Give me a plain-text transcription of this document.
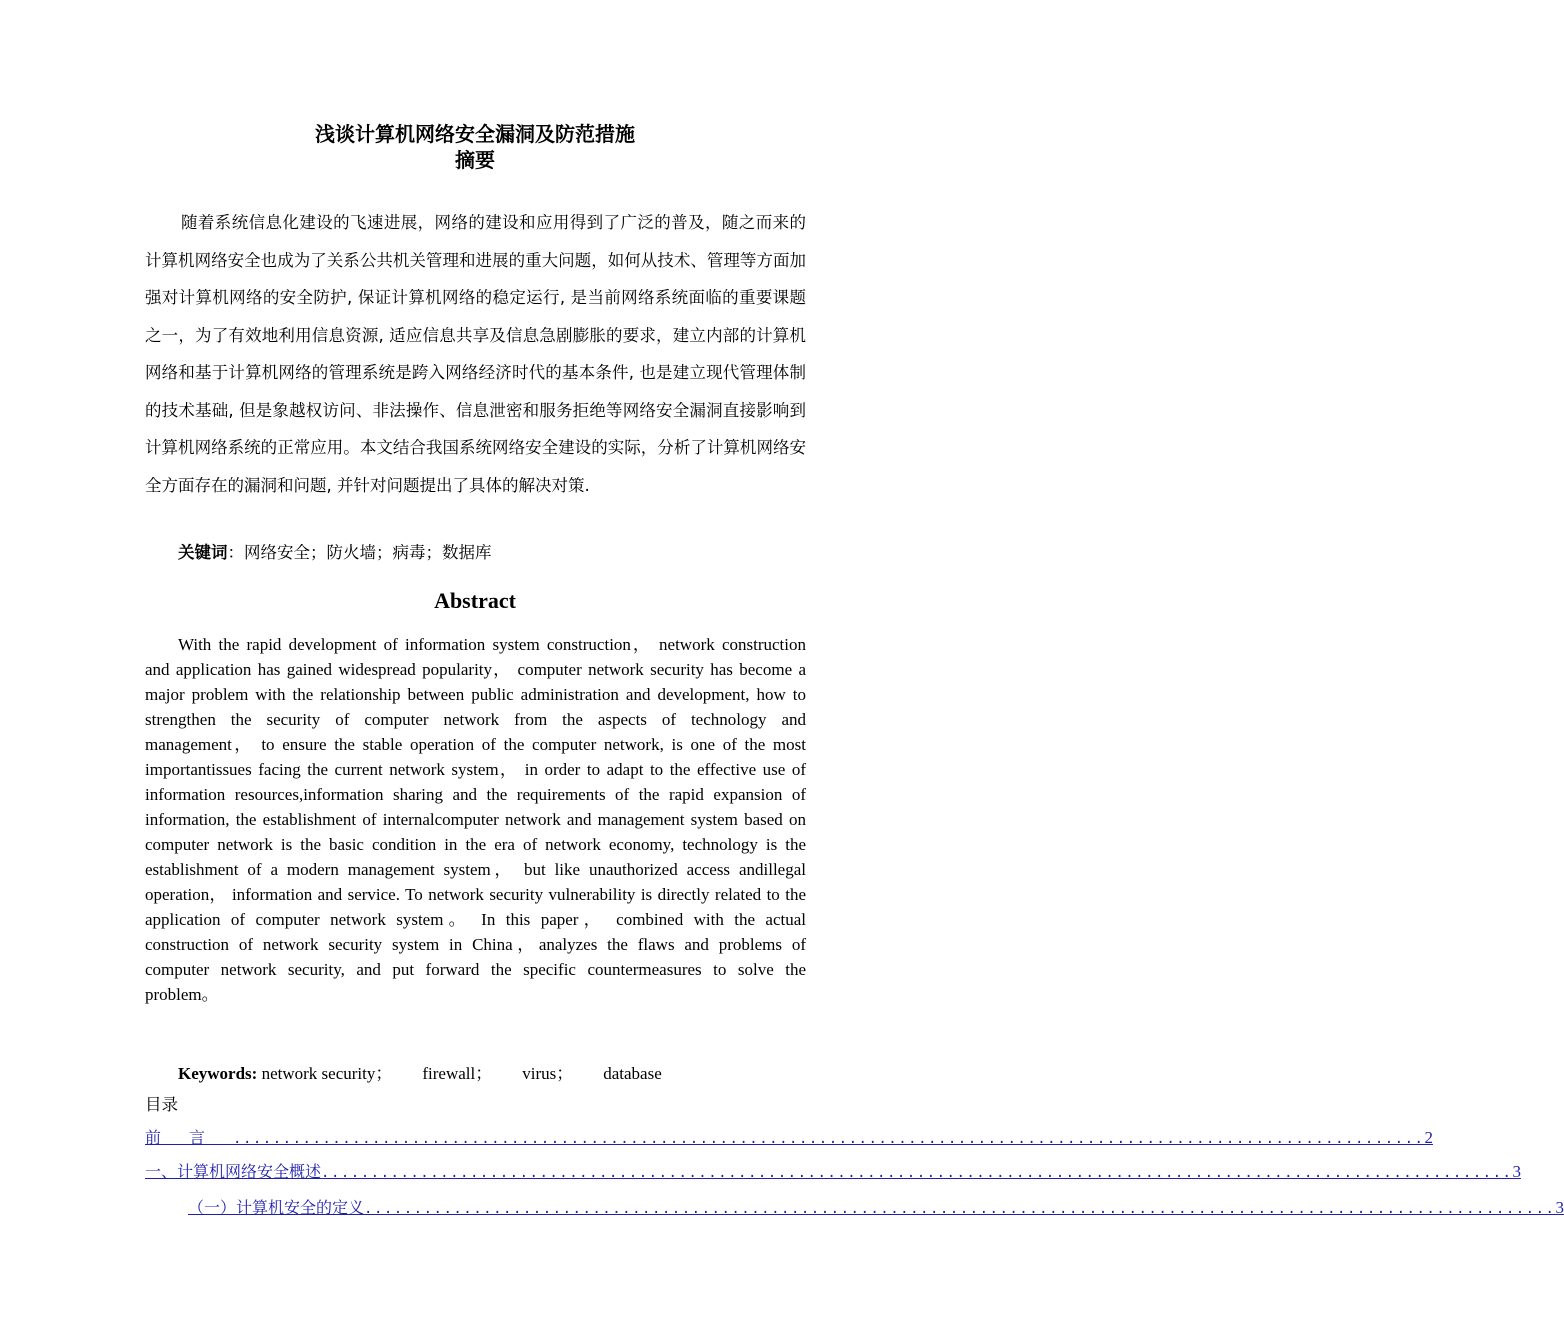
浅谈计算机网络安全漏洞及防范措施
摘要

随着系统信息化建设的飞速进展，网络的建设和应用得到了广泛的普及，随之而来的计算机网络安全也成为了关系公共机关管理和进展的重大问题，如何从技术、管理等方面加强对计算机网络的安全防护, 保证计算机网络的稳定运行, 是当前网络系统面临的重要课题之一，为了有效地利用信息资源, 适应信息共享及信息急剧膨胀的要求，建立内部的计算机网络和基于计算机网络的管理系统是跨入网络经济时代的基本条件, 也是建立现代管理体制的技术基础, 但是象越权访问、非法操作、信息泄密和服务拒绝等网络安全漏洞直接影响到计算机网络系统的正常应用。本文结合我国系统网络安全建设的实际，分析了计算机网络安全方面存在的漏洞和问题, 并针对问题提出了具体的解决对策.

关键词：网络安全；防火墙；病毒；数据库
Abstract

With the rapid development of information system construction， network construction and application has gained widespread popularity， computer network security has become a major problem with the relationship between public administration and development, how to strengthen the security of computer network from the aspects of technology and management， to ensure the stable operation of the computer network, is one of the most importantissues facing the current network system， in order to adapt to the effective use of information resources,information sharing and the requirements of the rapid expansion of information, the establishment of internalcomputer network and management system based on computer network is the basic condition in the era of network economy, technology is the establishment of a modern management system， but like unauthorized access andillegal operation， information and service. To network security vulnerability is directly related to the application of computer network system。 In this paper， combined with the actual construction of network security system in China，analyzes the flaws and problems of computer network security, and put forward the specific countermeasures to solve the problem。

Keywords: network security； firewall； virus； database
目录
前言 ........................................................................................................................ 2
一、计算机网络安全概述 ........................................................................................................................ 3
（一）计算机安全的定义 ........................................................................................................................ 3
